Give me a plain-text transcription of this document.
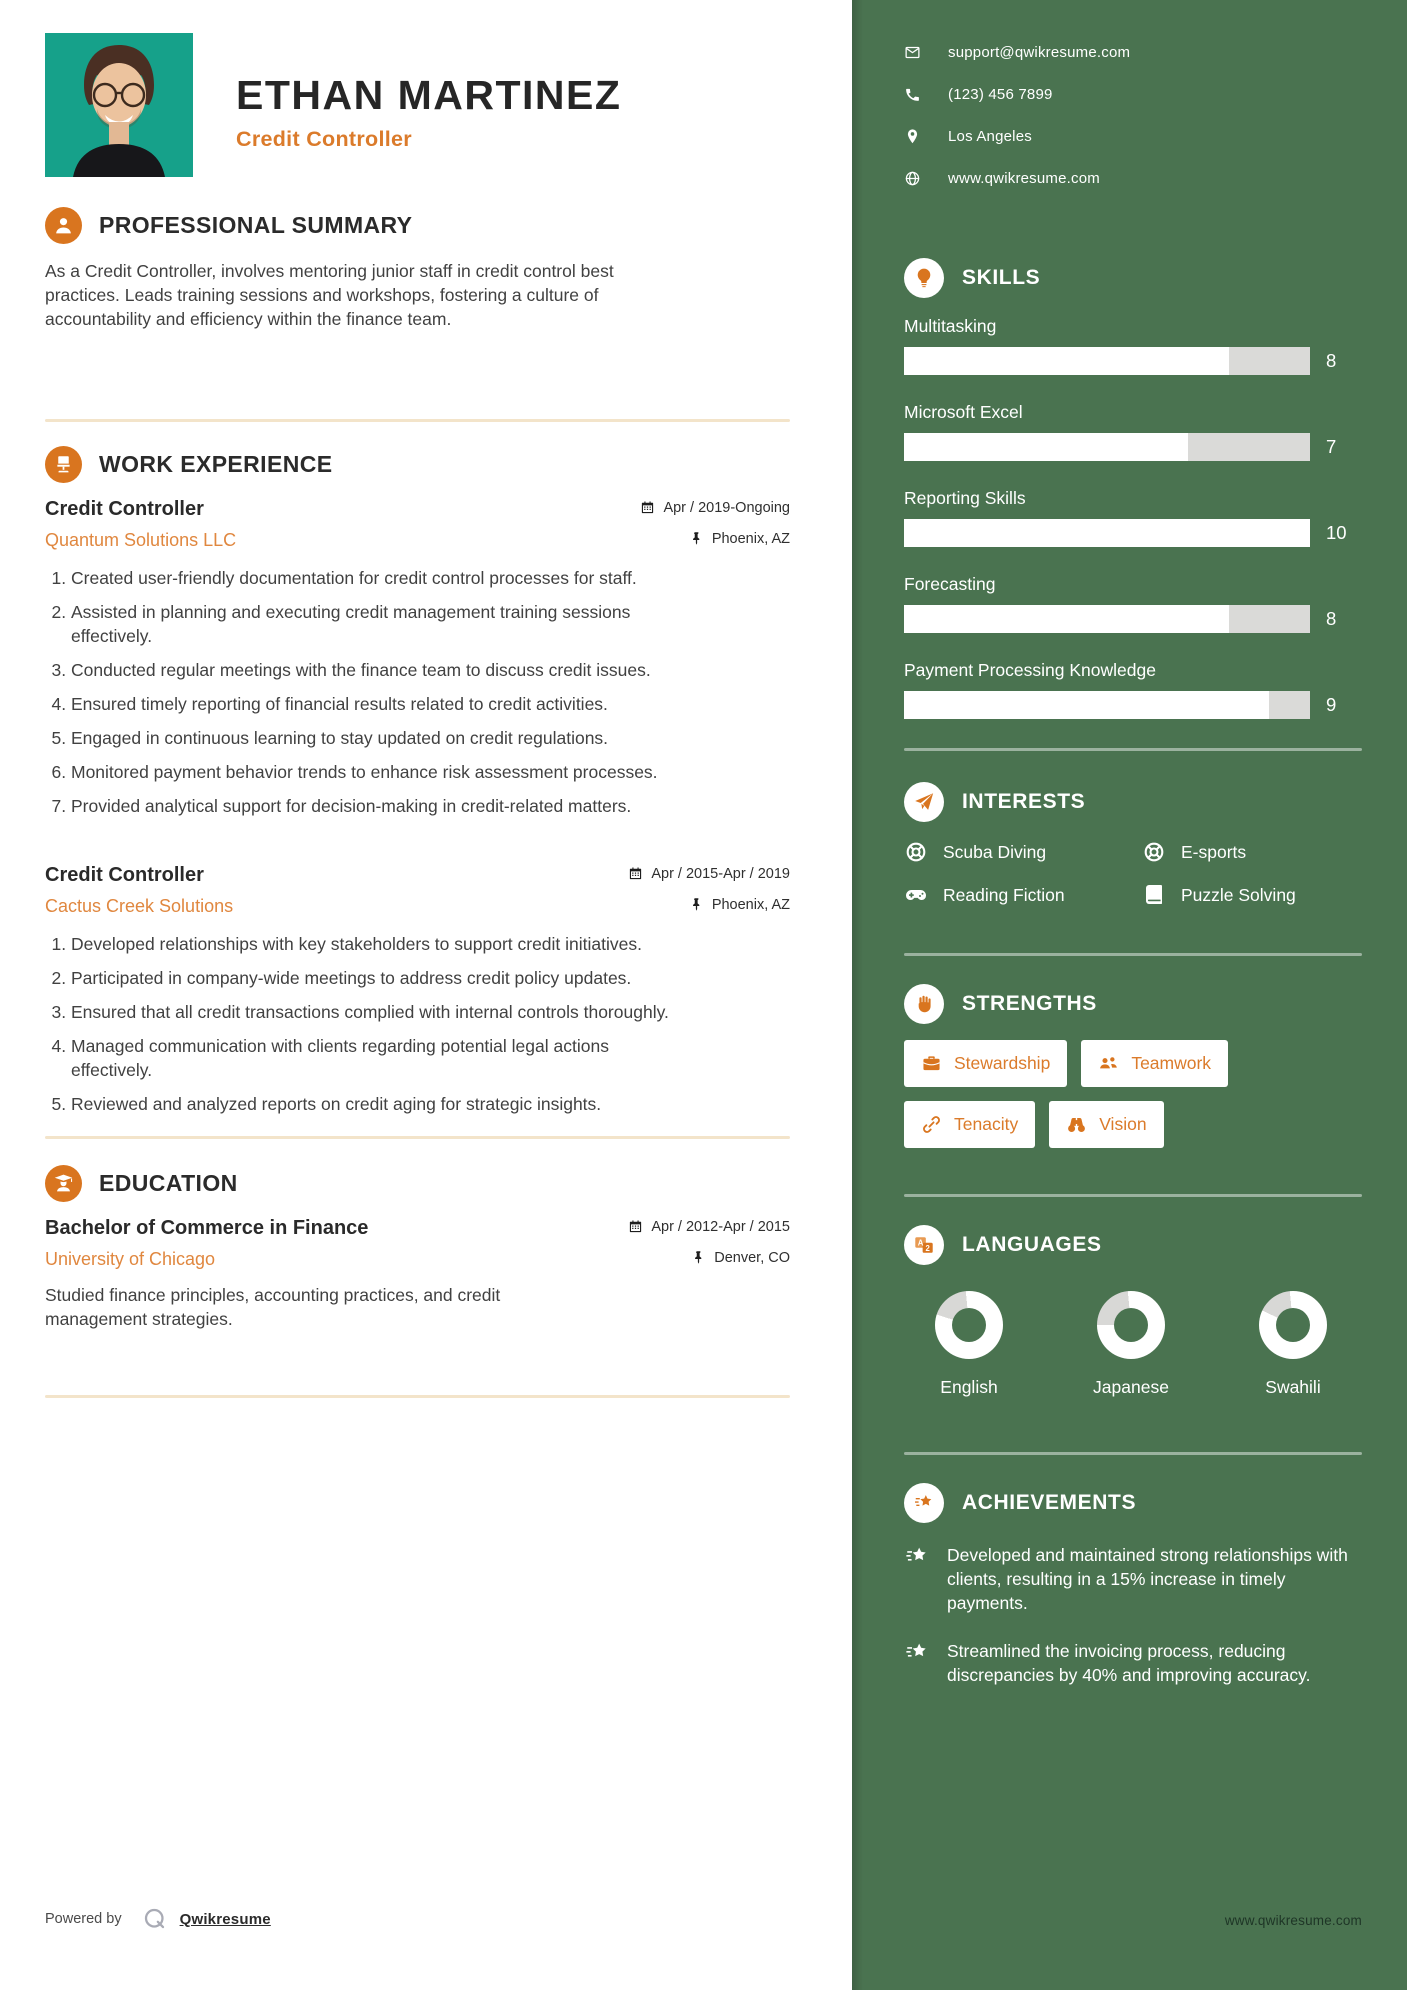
ETHAN MARTINEZ
Credit Controller
PROFESSIONAL SUMMARY

As a Credit Controller, involves mentoring junior staff in credit control best practices. Leads training sessions and workshops, fostering a culture of accountability and efficiency within the finance team.

WORK EXPERIENCE
Credit Controller	Apr / 2019-Ongoing
Quantum Solutions LLC	Phoenix, AZ
1. Created user-friendly documentation for credit control processes for staff.
2. Assisted in planning and executing credit management training sessions effectively.
3. Conducted regular meetings with the finance team to discuss credit issues.
4. Ensured timely reporting of financial results related to credit activities.
5. Engaged in continuous learning to stay updated on credit regulations.
6. Monitored payment behavior trends to enhance risk assessment processes.
7. Provided analytical support for decision-making in credit-related matters.
Credit Controller	Apr / 2015-Apr / 2019
Cactus Creek Solutions	Phoenix, AZ
1. Developed relationships with key stakeholders to support credit initiatives.
2. Participated in company-wide meetings to address credit policy updates.
3. Ensured that all credit transactions complied with internal controls thoroughly.
4. Managed communication with clients regarding potential legal actions effectively.
5. Reviewed and analyzed reports on credit aging for strategic insights.
EDUCATION
Bachelor of Commerce in Finance	Apr / 2012-Apr / 2015
University of Chicago	Denver, CO

Studied finance principles, accounting practices, and credit management strategies.

Powered by	Qwikresume
support@qwikresume.com
(123) 456 7899
Los Angeles
www.qwikresume.com
SKILLS
Multitasking
8
Microsoft Excel
7
Reporting Skills
10
Forecasting
8
Payment Processing Knowledge
9
INTERESTS
Scuba Diving	E-sports
Reading Fiction	Puzzle Solving
STRENGTHS
Stewardship	Teamwork
Tenacity	Vision
A
2 LANGUAGES
English	Japanese	Swahili
ACHIEVEMENTS

Developed and maintained strong relationships with clients, resulting in a 15% increase in timely payments.

Streamlined the invoicing process, reducing discrepancies by 40% and improving accuracy.

www.qwikresume.com
